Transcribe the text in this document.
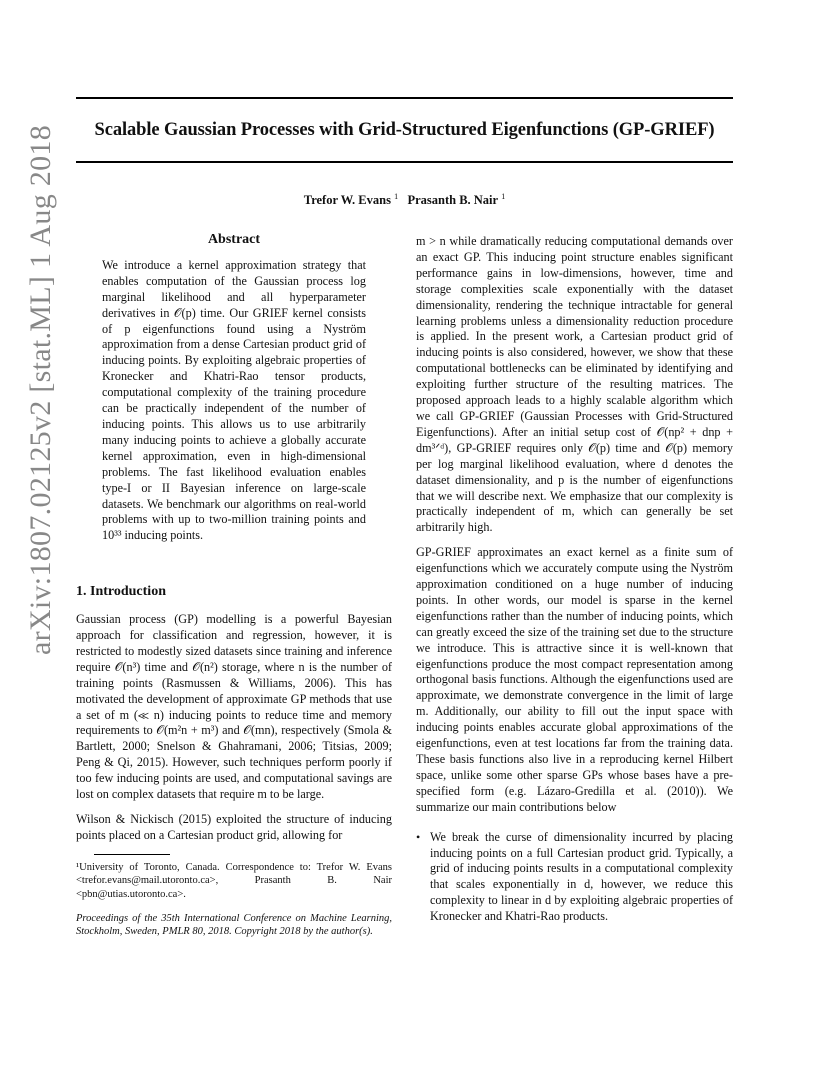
arXiv:1807.02125v2 [stat.ML] 1 Aug 2018	Scalable Gaussian Processes with Grid-Structured Eigenfunctions (GP-GRIEF)
Trefor W. Evans $^1$ Prasanth B. Nair $^1$
Abstract

We introduce a kernel approximation strategy that enables computation of the Gaussian process log marginal likelihood and all hyperparameter derivatives in 𝒪(p) time. Our GRIEF kernel consists of p eigenfunctions found using a Nyström approximation from a dense Cartesian product grid of inducing points. By exploiting algebraic properties of Kronecker and Khatri-Rao tensor products, computational complexity of the training procedure can be practically independent of the number of inducing points. This allows us to use arbitrarily many inducing points to achieve a globally accurate kernel approximation, even in high-dimensional problems. The fast likelihood evaluation enables type-I or II Bayesian inference on large-scale datasets. We benchmark our algorithms on real-world problems with up to two-million training points and 10³³ inducing points.

1. Introduction

Gaussian process (GP) modelling is a powerful Bayesian approach for classification and regression, however, it is restricted to modestly sized datasets since training and inference require 𝒪(n³) time and 𝒪(n²) storage, where n is the number of training points (Rasmussen & Williams, 2006). This has motivated the development of approximate GP methods that use a set of m (≪ n) inducing points to reduce time and memory requirements to 𝒪(m²n + m³) and 𝒪(mn), respectively (Smola & Bartlett, 2000; Snelson & Ghahramani, 2006; Titsias, 2009; Peng & Qi, 2015). However, such techniques perform poorly if too few inducing points are used, and computational savings are lost on complex datasets that require m to be large.

Wilson & Nickisch (2015) exploited the structure of inducing points placed on a Cartesian product grid, allowing for

¹University of Toronto, Canada. Correspondence to: Trefor W. Evans <trefor.evans@mail.utoronto.ca>, Prasanth B. Nair <pbn@utias.utoronto.ca>.

Proceedings of the 35th International Conference on Machine Learning, Stockholm, Sweden, PMLR 80, 2018. Copyright 2018 by the author(s).

m > n while dramatically reducing computational demands over an exact GP. This inducing point structure enables significant performance gains in low-dimensions, however, time and storage complexities scale exponentially with the dataset dimensionality, rendering the technique intractable for general learning problems unless a dimensionality reduction procedure is applied. In the present work, a Cartesian product grid of inducing points is also considered, however, we show that these computational bottlenecks can be eliminated by identifying and exploiting further structure of the resulting matrices. The proposed approach leads to a highly scalable algorithm which we call GP-GRIEF (Gaussian Processes with Grid-Structured Eigenfunctions). After an initial setup cost of 𝒪(np² + dnp + dm³ᐟᵈ), GP-GRIEF requires only 𝒪(p) time and 𝒪(p) memory per log marginal likelihood evaluation, where d denotes the dataset dimensionality, and p is the number of eigenfunctions that we will describe next. We emphasize that our complexity is practically independent of m, which can generally be set arbitrarily high.

GP-GRIEF approximates an exact kernel as a finite sum of eigenfunctions which we accurately compute using the Nyström approximation conditioned on a huge number of inducing points. In other words, our model is sparse in the kernel eigenfunctions rather than the number of inducing points, which can greatly exceed the size of the training set due to the structure we introduce. This is attractive since it is well-known that eigenfunctions produce the most compact representation among orthogonal basis functions. Although the eigenfunctions used are approximate, we demonstrate convergence in the limit of large m. Additionally, our ability to fill out the input space with inducing points enables accurate global approximations of the eigenfunctions, even at test locations far from the training data. These basis functions also live in a reproducing kernel Hilbert space, unlike some other sparse GPs whose bases have a pre-specified form (e.g. Lázaro-Gredilla et al. (2010)). We summarize our main contributions below

• We break the curse of dimensionality incurred by placing inducing points on a full Cartesian product grid. Typically, a grid of inducing points results in a computational complexity that scales exponentially in d, however, we reduce this complexity to linear in d by exploiting algebraic properties of Kronecker and Khatri-Rao products.
